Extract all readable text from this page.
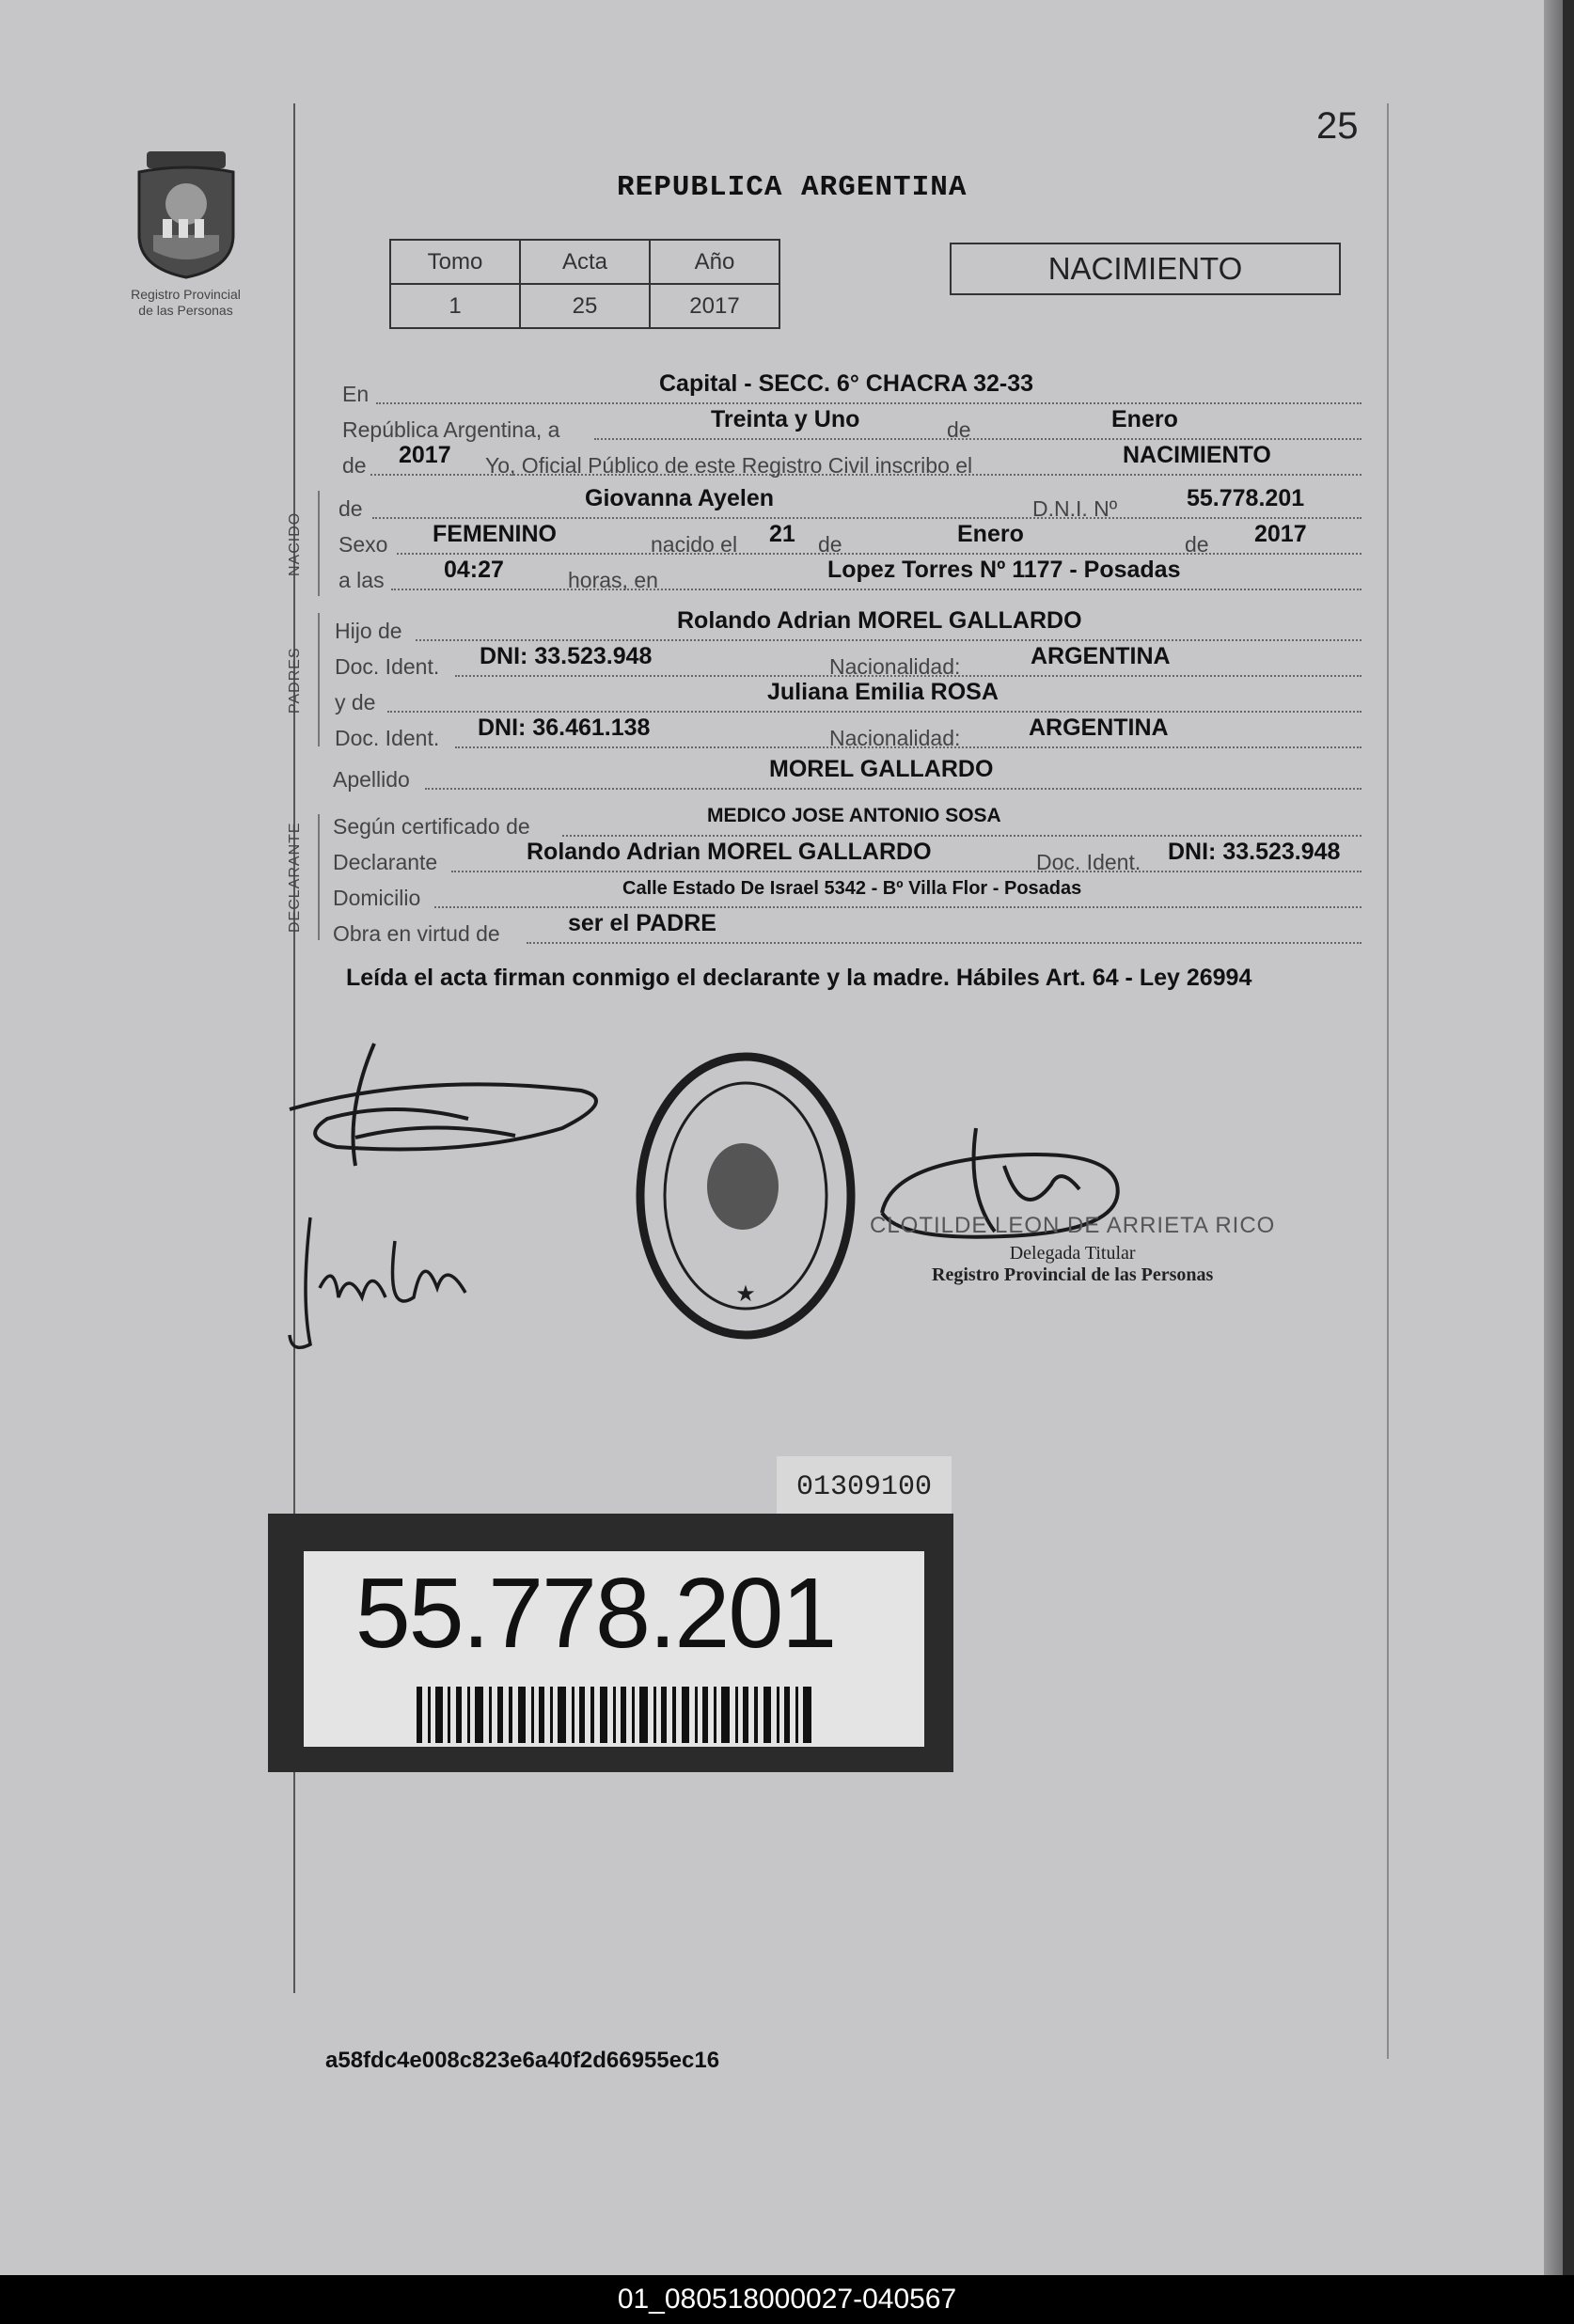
25
Registro Provincial
de las Personas
REPUBLICA ARGENTINA
Tomo	Acta	Año
1	25	2017
NACIMIENTO
En	Capital - SECC. 6° CHACRA 32-33
República Argentina, a	Treinta y Uno	de	Enero
de 2017 Yo, Oficial Público de este Registro Civil inscribo el	NACIMIENTO
NACIDO
de	Giovanna Ayelen	D.N.I. Nº	55.778.201
Sexo FEMENINO	nacido el 21 de	Enero	de 2017
a las	04:27	horas, en	Lopez Torres Nº 1177 - Posadas
PADRES
Hijo de	Rolando Adrian MOREL GALLARDO
Doc. Ident. DNI: 33.523.948	Nacionalidad:	ARGENTINA
y de	Juliana Emilia ROSA
Doc. Ident. DNI: 36.461.138	Nacionalidad:	ARGENTINA
Apellido	MOREL GALLARDO
DECLARANTE	Según certificado de	MEDICO JOSE ANTONIO SOSA
Declarante	Rolando Adrian MOREL GALLARDO	Doc. Ident. DNI: 33.523.948
Domicilio	Calle Estado De Israel 5342 - Bº Villa Flor - Posadas
Obra en virtud de	ser el PADRE
Leída el acta firman conmigo el declarante y la madre. Hábiles Art. 64 - Ley 26994
★
CLOTILDE LEON DE ARRIETA RICO
Delegada Titular
Registro Provincial de las Personas
01309100
55.778.201
a58fdc4e008c823e6a40f2d66955ec16
01_080518000027-040567
